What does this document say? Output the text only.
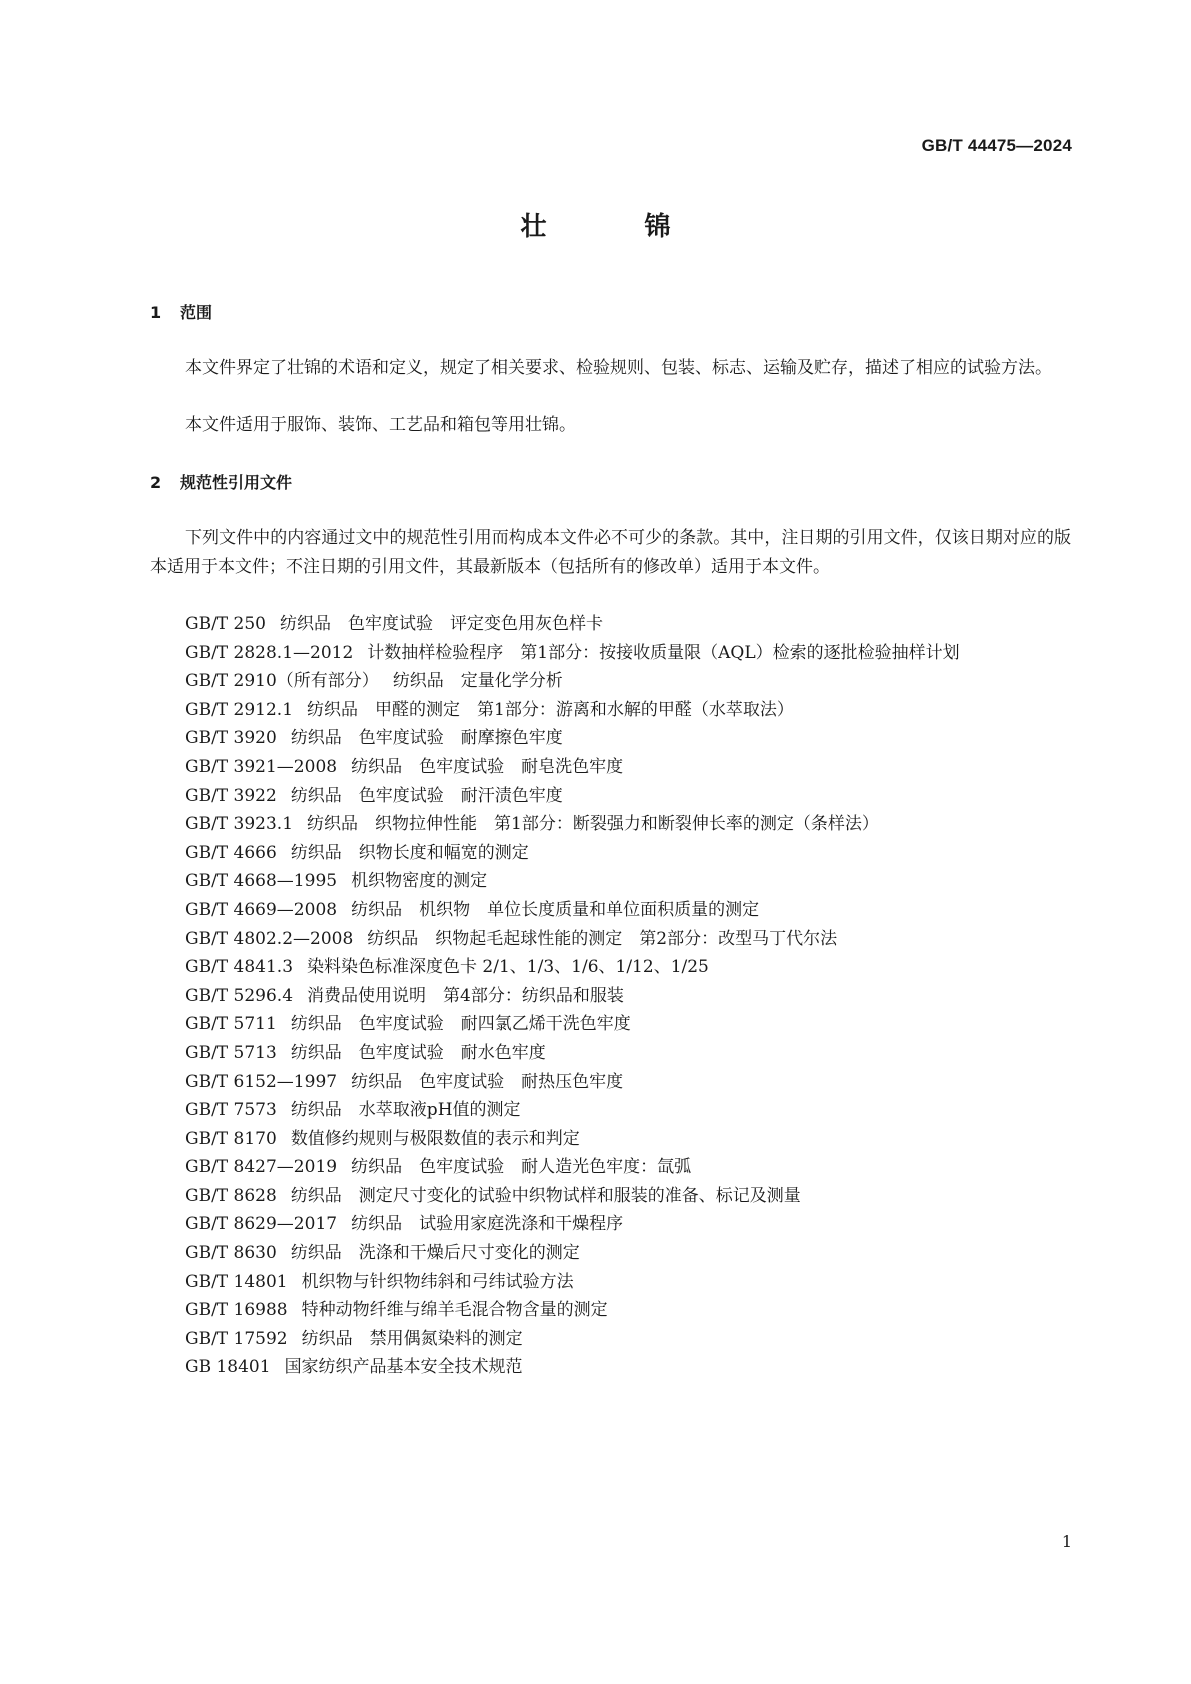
GB/T 44475—2024
壮	锦
1 范围

本文件界定了壮锦的术语和定义，规定了相关要求、检验规则、包装、标志、运输及贮存，描述了相应的试验方法。

本文件适用于服饰、装饰、工艺品和箱包等用壮锦。

2 规范性引用文件

下列文件中的内容通过文中的规范性引用而构成本文件必不可少的条款。其中，注日期的引用文件，仅该日期对应的版本适用于本文件；不注日期的引用文件，其最新版本（包括所有的修改单）适用于本文件。

GB/T 250 纺织品　色牢度试验　评定变色用灰色样卡
GB/T 2828.1—2012 计数抽样检验程序　第1部分：按接收质量限（AQL）检索的逐批检验抽样计划
GB/T 2910（所有部分） 纺织品　定量化学分析
GB/T 2912.1 纺织品　甲醛的测定　第1部分：游离和水解的甲醛（水萃取法）
GB/T 3920 纺织品　色牢度试验　耐摩擦色牢度
GB/T 3921—2008 纺织品　色牢度试验　耐皂洗色牢度
GB/T 3922 纺织品　色牢度试验　耐汗渍色牢度
GB/T 3923.1 纺织品　织物拉伸性能　第1部分：断裂强力和断裂伸长率的测定（条样法）
GB/T 4666 纺织品　织物长度和幅宽的测定
GB/T 4668—1995 机织物密度的测定
GB/T 4669—2008 纺织品　机织物　单位长度质量和单位面积质量的测定
GB/T 4802.2—2008 纺织品　织物起毛起球性能的测定　第2部分：改型马丁代尔法
GB/T 4841.3 染料染色标准深度色卡 2/1、1/3、1/6、1/12、1/25
GB/T 5296.4 消费品使用说明　第4部分：纺织品和服装
GB/T 5711 纺织品　色牢度试验　耐四氯乙烯干洗色牢度
GB/T 5713 纺织品　色牢度试验　耐水色牢度
GB/T 6152—1997 纺织品　色牢度试验　耐热压色牢度
GB/T 7573 纺织品　水萃取液pH值的测定
GB/T 8170 数值修约规则与极限数值的表示和判定
GB/T 8427—2019 纺织品　色牢度试验　耐人造光色牢度：氙弧
GB/T 8628 纺织品　测定尺寸变化的试验中织物试样和服装的准备、标记及测量
GB/T 8629—2017 纺织品　试验用家庭洗涤和干燥程序
GB/T 8630 纺织品　洗涤和干燥后尺寸变化的测定
GB/T 14801 机织物与针织物纬斜和弓纬试验方法
GB/T 16988 特种动物纤维与绵羊毛混合物含量的测定
GB/T 17592 纺织品　禁用偶氮染料的测定
GB 18401 国家纺织产品基本安全技术规范
1
